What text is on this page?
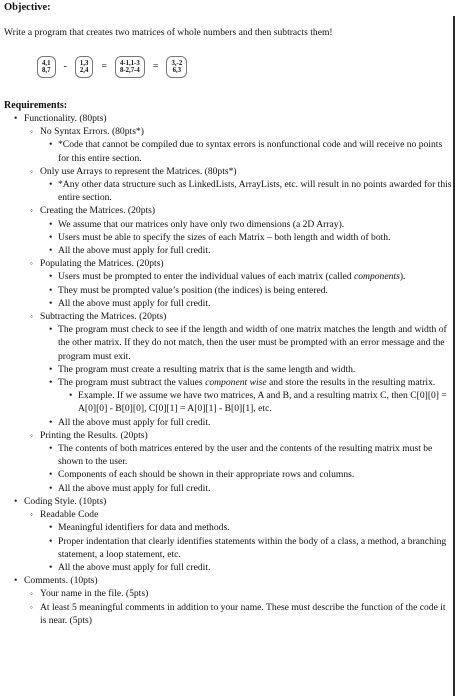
Objective:
Write a program that creates two matrices of whole numbers and then subtracts them!
4,1
8,7 - 1,3
2,4 = 4-1,1-3
8-2,7-4 = 3,-2
6,3
Requirements:
• Functionality. (80pts)
◦ No Syntax Errors. (80pts*)
• *Code that cannot be compiled due to syntax errors is nonfunctional code and will receive no points for this entire section.
◦ Only use Arrays to represent the Matrices. (80pts*)
• *Any other data structure such as LinkedLists, ArrayLists, etc. will result in no points awarded for this entire section.
◦ Creating the Matrices. (20pts)
• We assume that our matrices only have only two dimensions (a 2D Array).
• Users must be able to specify the sizes of each Matrix – both length and width of both.
• All the above must apply for full credit.
◦ Populating the Matrices. (20pts)
• Users must be prompted to enter the individual values of each matrix (called components).
• They must be prompted value’s position (the indices) is being entered.
• All the above must apply for full credit.
◦ Subtracting the Matrices. (20pts)
• The program must check to see if the length and width of one matrix matches the length and width of the other matrix. If they do not match, then the user must be prompted with an error message and the program must exit.
• The program must create a resulting matrix that is the same length and width.
• The program must subtract the values component wise and store the results in the resulting matrix.
• Example. If we assume we have two matrices, A and B, and a resulting matrix C, then C[0][0] = A[0][0] - B[0][0], C[0][1] = A[0][1] - B[0][1], etc.
• All the above must apply for full credit.
◦ Printing the Results. (20pts)
• The contents of both matrices entered by the user and the contents of the resulting matrix must be shown to the user.
• Components of each should be shown in their appropriate rows and columns.
• All the above must apply for full credit.
• Coding Style. (10pts)
◦ Readable Code
• Meaningful identifiers for data and methods.
• Proper indentation that clearly identifies statements within the body of a class, a method, a branching statement, a loop statement, etc.
• All the above must apply for full credit.
• Comments. (10pts)
◦ Your name in the file. (5pts)
◦ At least 5 meaningful comments in addition to your name. These must describe the function of the code it is near. (5pts)
